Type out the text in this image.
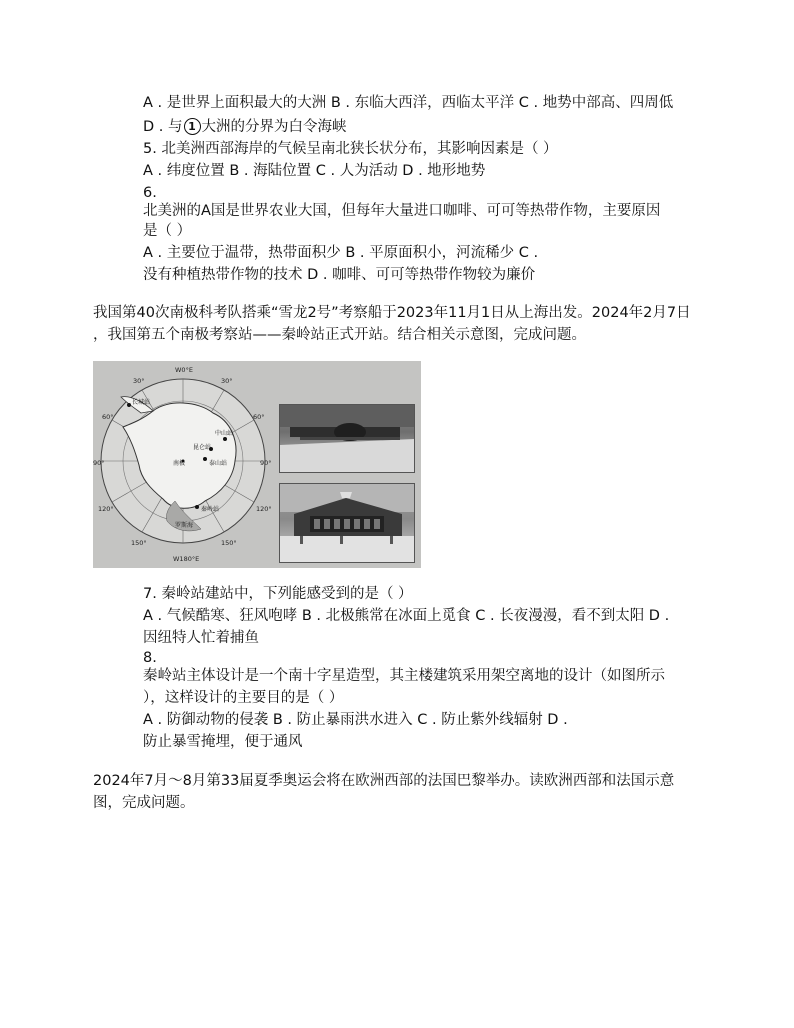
A . 是世界上面积最大的大洲 B . 东临大西洋，西临太平洋 C . 地势中部高、四周低
D . 与 1 大洲的分界为白令海峡
5. 北美洲西部海岸的气候呈南北狭长状分布，其影响因素是（ ）
A . 纬度位置 B . 海陆位置 C . 人为活动 D . 地形地势
6.
北美洲的A国是世界农业大国，但每年大量进口咖啡、可可等热带作物，主要原因
是（ ）
A . 主要位于温带，热带面积少 B . 平原面积小，河流稀少 C .
没有种植热带作物的技术 D . 咖啡、可可等热带作物较为廉价
我国第40次南极科考队搭乘“雪龙2号”考察船于2023年11月1日从上海出发。2024年2月7日
，我国第五个南极考察站——秦岭站正式开站。结合相关示意图，完成问题。
W0°E
W180°E
30°	30°
60°	60°
90°	90°
120°	120°
150°	150°
长城站
中山站
昆仑站
泰山站
秦岭站
罗斯海
南极
7. 秦岭站建站中，下列能感受到的是（ ）
A . 气候酷寒、狂风咆哮 B . 北极熊常在冰面上觅食 C . 长夜漫漫，看不到太阳 D .
因纽特人忙着捕鱼
8.
秦岭站主体设计是一个南十字星造型，其主楼建筑采用架空离地的设计（如图所示
），这样设计的主要目的是（ ）
A . 防御动物的侵袭 B . 防止暴雨洪水进入 C . 防止紫外线辐射 D .
防止暴雪掩埋，便于通风
2024年7月～8月第33届夏季奥运会将在欧洲西部的法国巴黎举办。读欧洲西部和法国示意
图，完成问题。
